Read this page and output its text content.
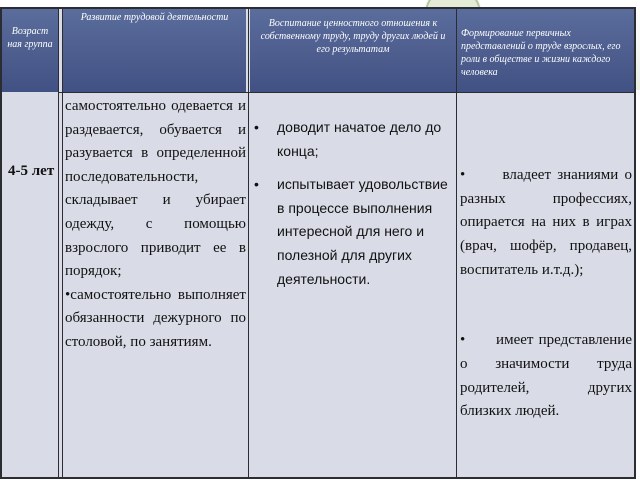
Возраст ная группа
Развитие трудовой деятельности
Воспитание ценностного отношения к собственному труду, труду других людей и его результатам
Формирование первичных представлений о труде взрослых, его роли в обществе и жизни каждого человека
4-5 лет
самостоятельно одевается и раздевается, обувается и разувается в определенной последовательности, складывает и убирает одежду, с помощью взрослого приводит ее в порядок;
•самостоятельно выполняет обязанности дежурного по столовой, по занятиям.
• доводит начатое дело до конца;
• испытывает удовольствие в процессе выполнения интересной для него и полезной для других деятельности.

•      владеет знаниями о разных профессиях, опирается на них в играх (врач, шофёр, продавец, воспитатель и.т.д.);

•      имеет представление о значимости труда родителей, других близких людей.
